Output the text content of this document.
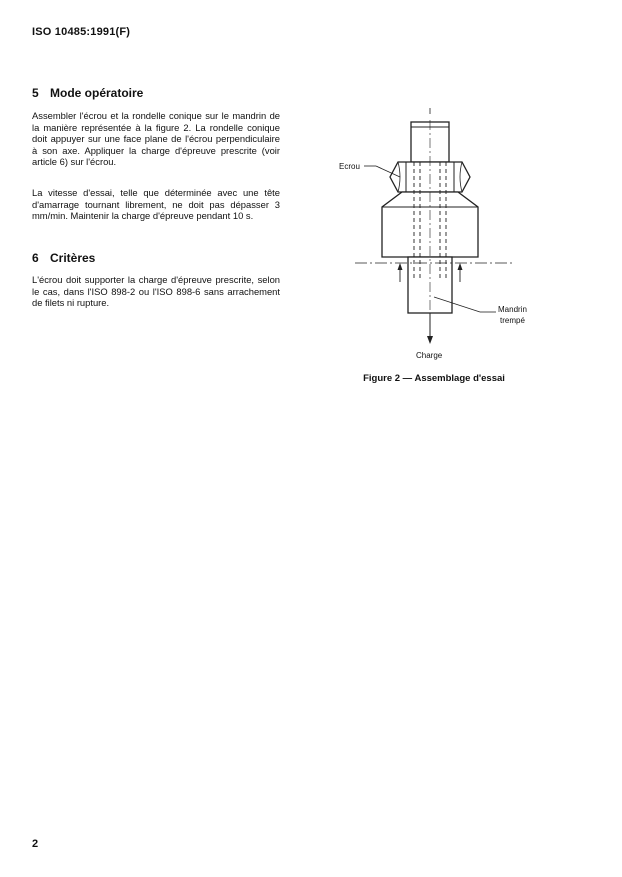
ISO 10485:1991(F)
5 Mode opératoire

Assembler l'écrou et la rondelle conique sur le mandrin de la manière représentée à la figure 2. La rondelle conique doit appuyer sur une face plane de l'écrou perpendiculaire à son axe. Appliquer la charge d'épreuve prescrite (voir article 6) sur l'écrou.

La vitesse d'essai, telle que déterminée avec une tête d'amarrage tournant librement, ne doit pas dépasser 3 mm/min. Maintenir la charge d'épreuve pendant 10 s.

6 Critères

L'écrou doit supporter la charge d'épreuve prescrite, selon le cas, dans l'ISO 898-2 ou l'ISO 898-6 sans arrachement de filets ni rupture.

Ecrou
Mandrin
trempé
Charge
Figure 2 — Assemblage d'essai
2
